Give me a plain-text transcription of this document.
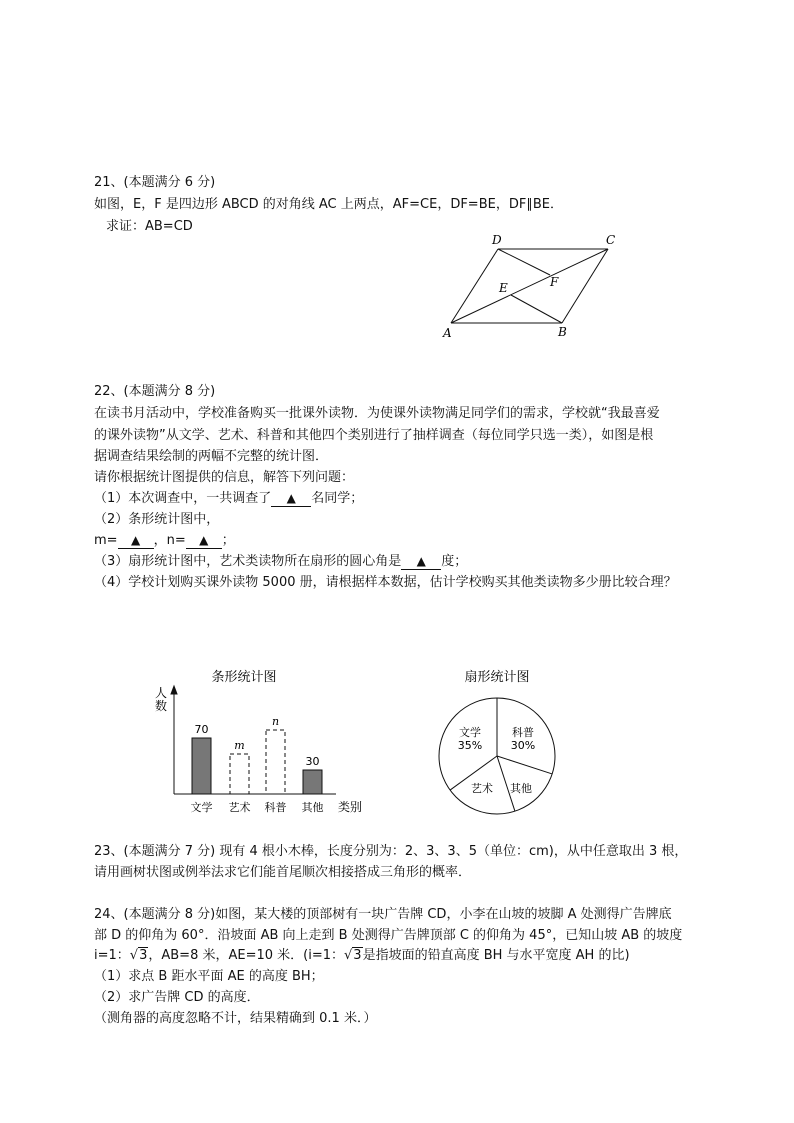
21、(本题满分 6 分)
如图，E，F 是四边形 ABCD 的对角线 AC 上两点，AF=CE，DF=BE，DF∥BE．
求证：AB=CD
A	B
C
D
E	F
22、(本题满分 8 分)
在读书月活动中，学校准备购买一批课外读物．为使课外读物满足同学们的需求，学校就“我最喜爱
的课外读物”从文学、艺术、科普和其他四个类别进行了抽样调查（每位同学只选一类），如图是根
据调查结果绘制的两幅不完整的统计图．
请你根据统计图提供的信息，解答下列问题：
（1）本次调查中，一共调查了 ▲ 名同学；
（2）条形统计图中，
m= ▲ ，n= ▲ ；
（3）扇形统计图中，艺术类读物所在扇形的圆心角是 ▲ 度；
（4）学校计划购买课外读物 5000 册，请根据样本数据，估计学校购买其他类读物多少册比较合理？
条形统计图
人数
70
文学
m
艺术
n
科普
30
其他 类别
扇形统计图
文学
35%
科普
30%
其他
艺术
23、(本题满分 7 分) 现有 4 根小木棒，长度分别为：2、3、3、5（单位：cm)，从中任意取出 3 根，
请用画树状图或例举法求它们能首尾顺次相接搭成三角形的概率．
24、(本题满分 8 分)如图，某大楼的顶部树有一块广告牌 CD，小李在山坡的坡脚 A 处测得广告牌底
部 D 的仰角为 60°．沿坡面 AB 向上走到 B 处测得广告牌顶部 C 的仰角为 45°，已知山坡 AB 的坡度
i=1：√3，AB=8 米，AE=10 米．(i=1：√3是指坡面的铅直高度 BH 与水平宽度 AH 的比)
（1）求点 B 距水平面 AE 的高度 BH；
（2）求广告牌 CD 的高度．
（测角器的高度忽略不计，结果精确到 0.1 米．）
